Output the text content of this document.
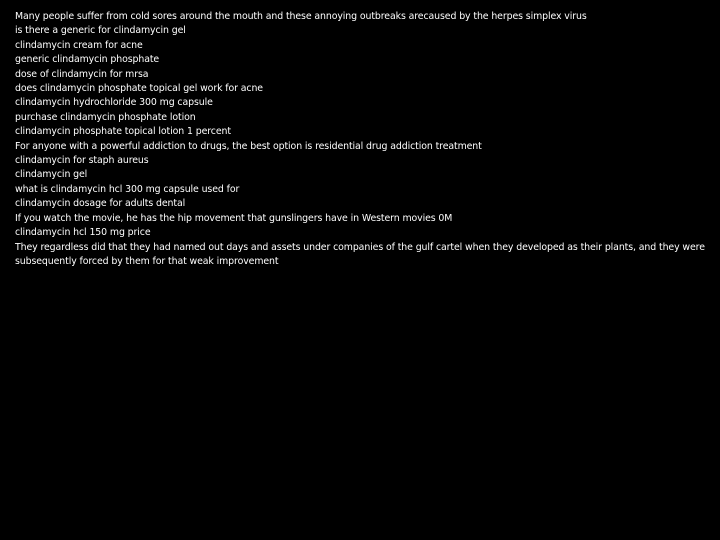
Many people suffer from cold sores around the mouth and these annoying outbreaks arecaused by the herpes simplex virus
is there a generic for clindamycin gel
clindamycin cream for acne
generic clindamycin phosphate
dose of clindamycin for mrsa
does clindamycin phosphate topical gel work for acne
clindamycin hydrochloride 300 mg capsule
purchase clindamycin phosphate lotion
clindamycin phosphate topical lotion 1 percent
For anyone with a powerful addiction to drugs, the best option is residential drug addiction treatment
clindamycin for staph aureus
clindamycin gel
what is clindamycin hcl 300 mg capsule used for
clindamycin dosage for adults dental
If you watch the movie, he has the hip movement that gunslingers have in Western movies 0M
clindamycin hcl 150 mg price
They regardless did that they had named out days and assets under companies of the gulf cartel when they developed as their plants, and they were subsequently forced by them for that weak improvement
